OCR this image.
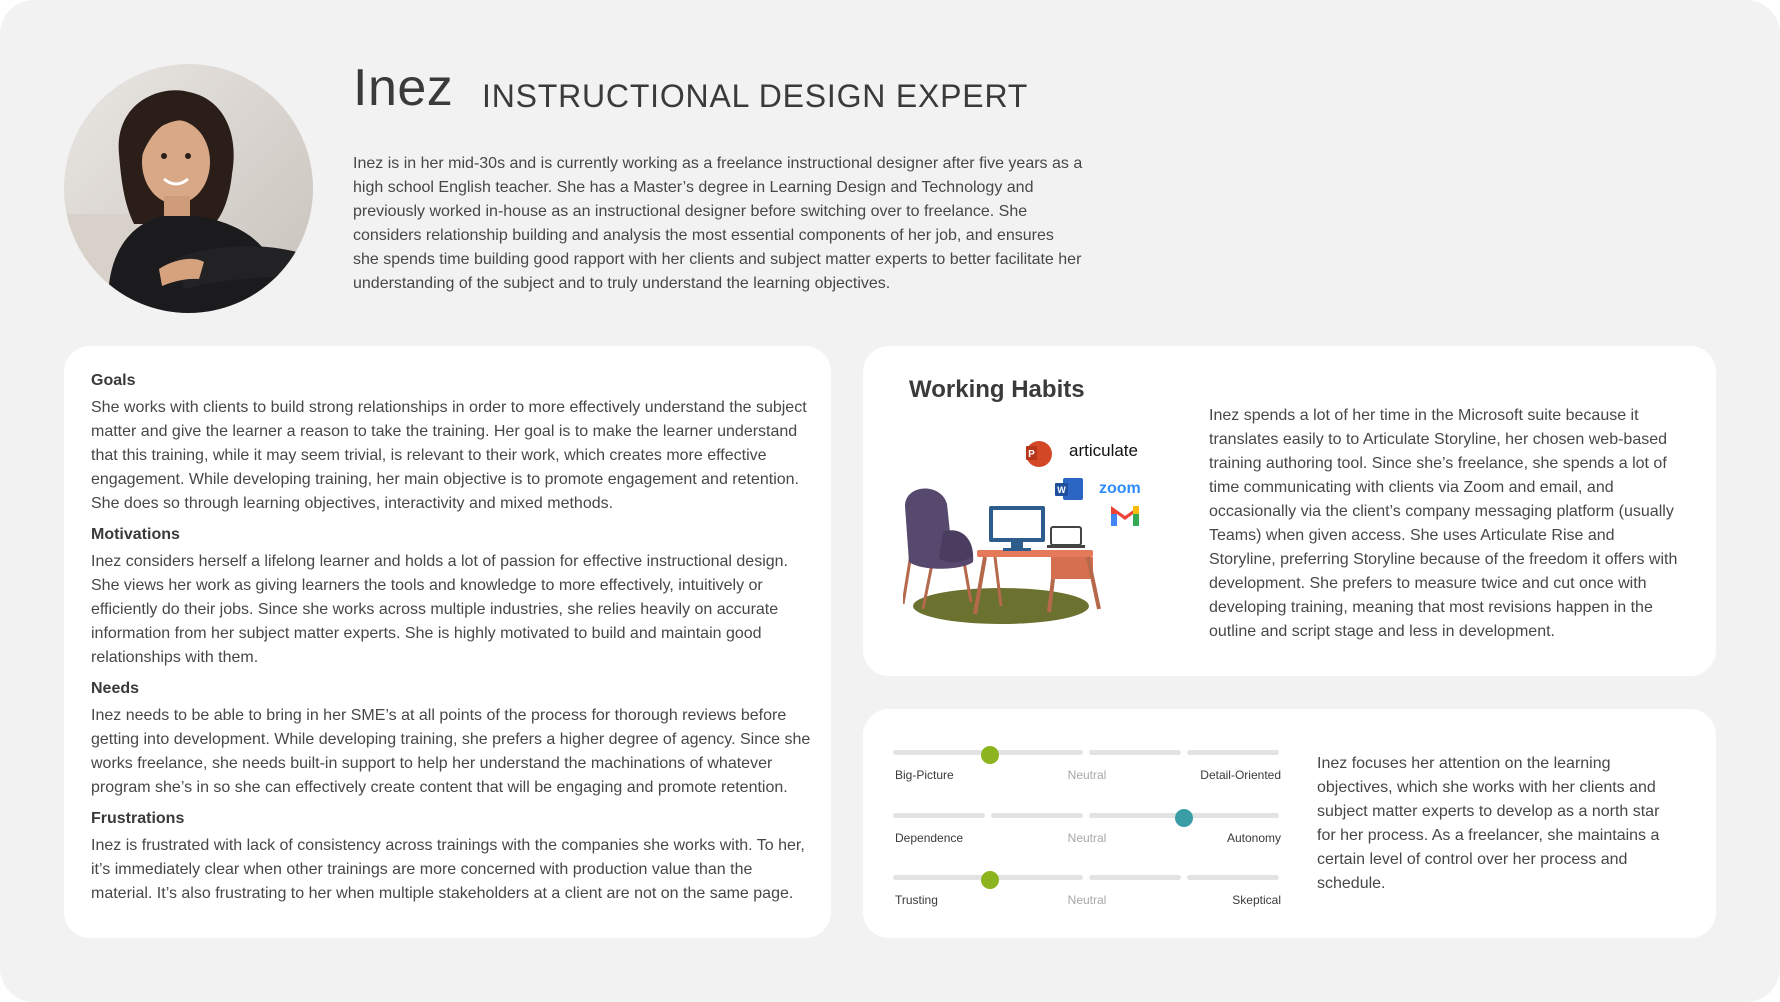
Inez INSTRUCTIONAL DESIGN EXPERT

Inez is in her mid-30s and is currently working as a freelance instructional designer after five years as a high school English teacher. She has a Master’s degree in Learning Design and Technology and previously worked in-house as an instructional designer before switching over to freelance. She considers relationship building and analysis the most essential components of her job, and ensures she spends time building good rapport with her clients and subject matter experts to better facilitate her understanding of the subject and to truly understand the learning objectives.

Goals

She works with clients to build strong relationships in order to more effectively understand the subject matter and give the learner a reason to take the training. Her goal is to make the learner understand that this training, while it may seem trivial, is relevant to their work, which creates more effective engagement. While developing training, her main objective is to promote engagement and retention. She does so through learning objectives, interactivity and mixed methods.

Motivations

Inez considers herself a lifelong learner and holds a lot of passion for effective instructional design. She views her work as giving learners the tools and knowledge to more effectively, intuitively or efficiently do their jobs. Since she works across multiple industries, she relies heavily on accurate information from her subject matter experts. She is highly motivated to build and maintain good relationships with them.

Needs

Inez needs to be able to bring in her SME’s at all points of the process for thorough reviews before getting into development. While developing training, she prefers a higher degree of agency. Since she works freelance, she needs built-in support to help her understand the machinations of whatever program she’s in so she can effectively create content that will be engaging and promote retention.

Frustrations

Inez is frustrated with lack of consistency across trainings with the companies she works with. To her, it’s immediately clear when other trainings are more concerned with production value than the material. It’s also frustrating to her when multiple stakeholders at a client are not on the same page.

Working Habits
P
W
articulate
zoom

Inez spends a lot of her time in the Microsoft suite because it translates easily to to Articulate Storyline, her chosen web-based training authoring tool. Since she’s freelance, she spends a lot of time communicating with clients via Zoom and email, and occasionally via the client’s company messaging platform (usually Teams) when given access. She uses Articulate Rise and Storyline, preferring Storyline because of the freedom it offers with development. She prefers to measure twice and cut once with developing training, meaning that most revisions happen in the outline and script stage and less in development.

Big-Picture	Neutral	Detail-Oriented
Dependence	Neutral	Autonomy
Trusting	Neutral	Skeptical

Inez focuses her attention on the learning objectives, which she works with her clients and subject matter experts to develop as a north star for her process. As a freelancer, she maintains a certain level of control over her process and schedule.
